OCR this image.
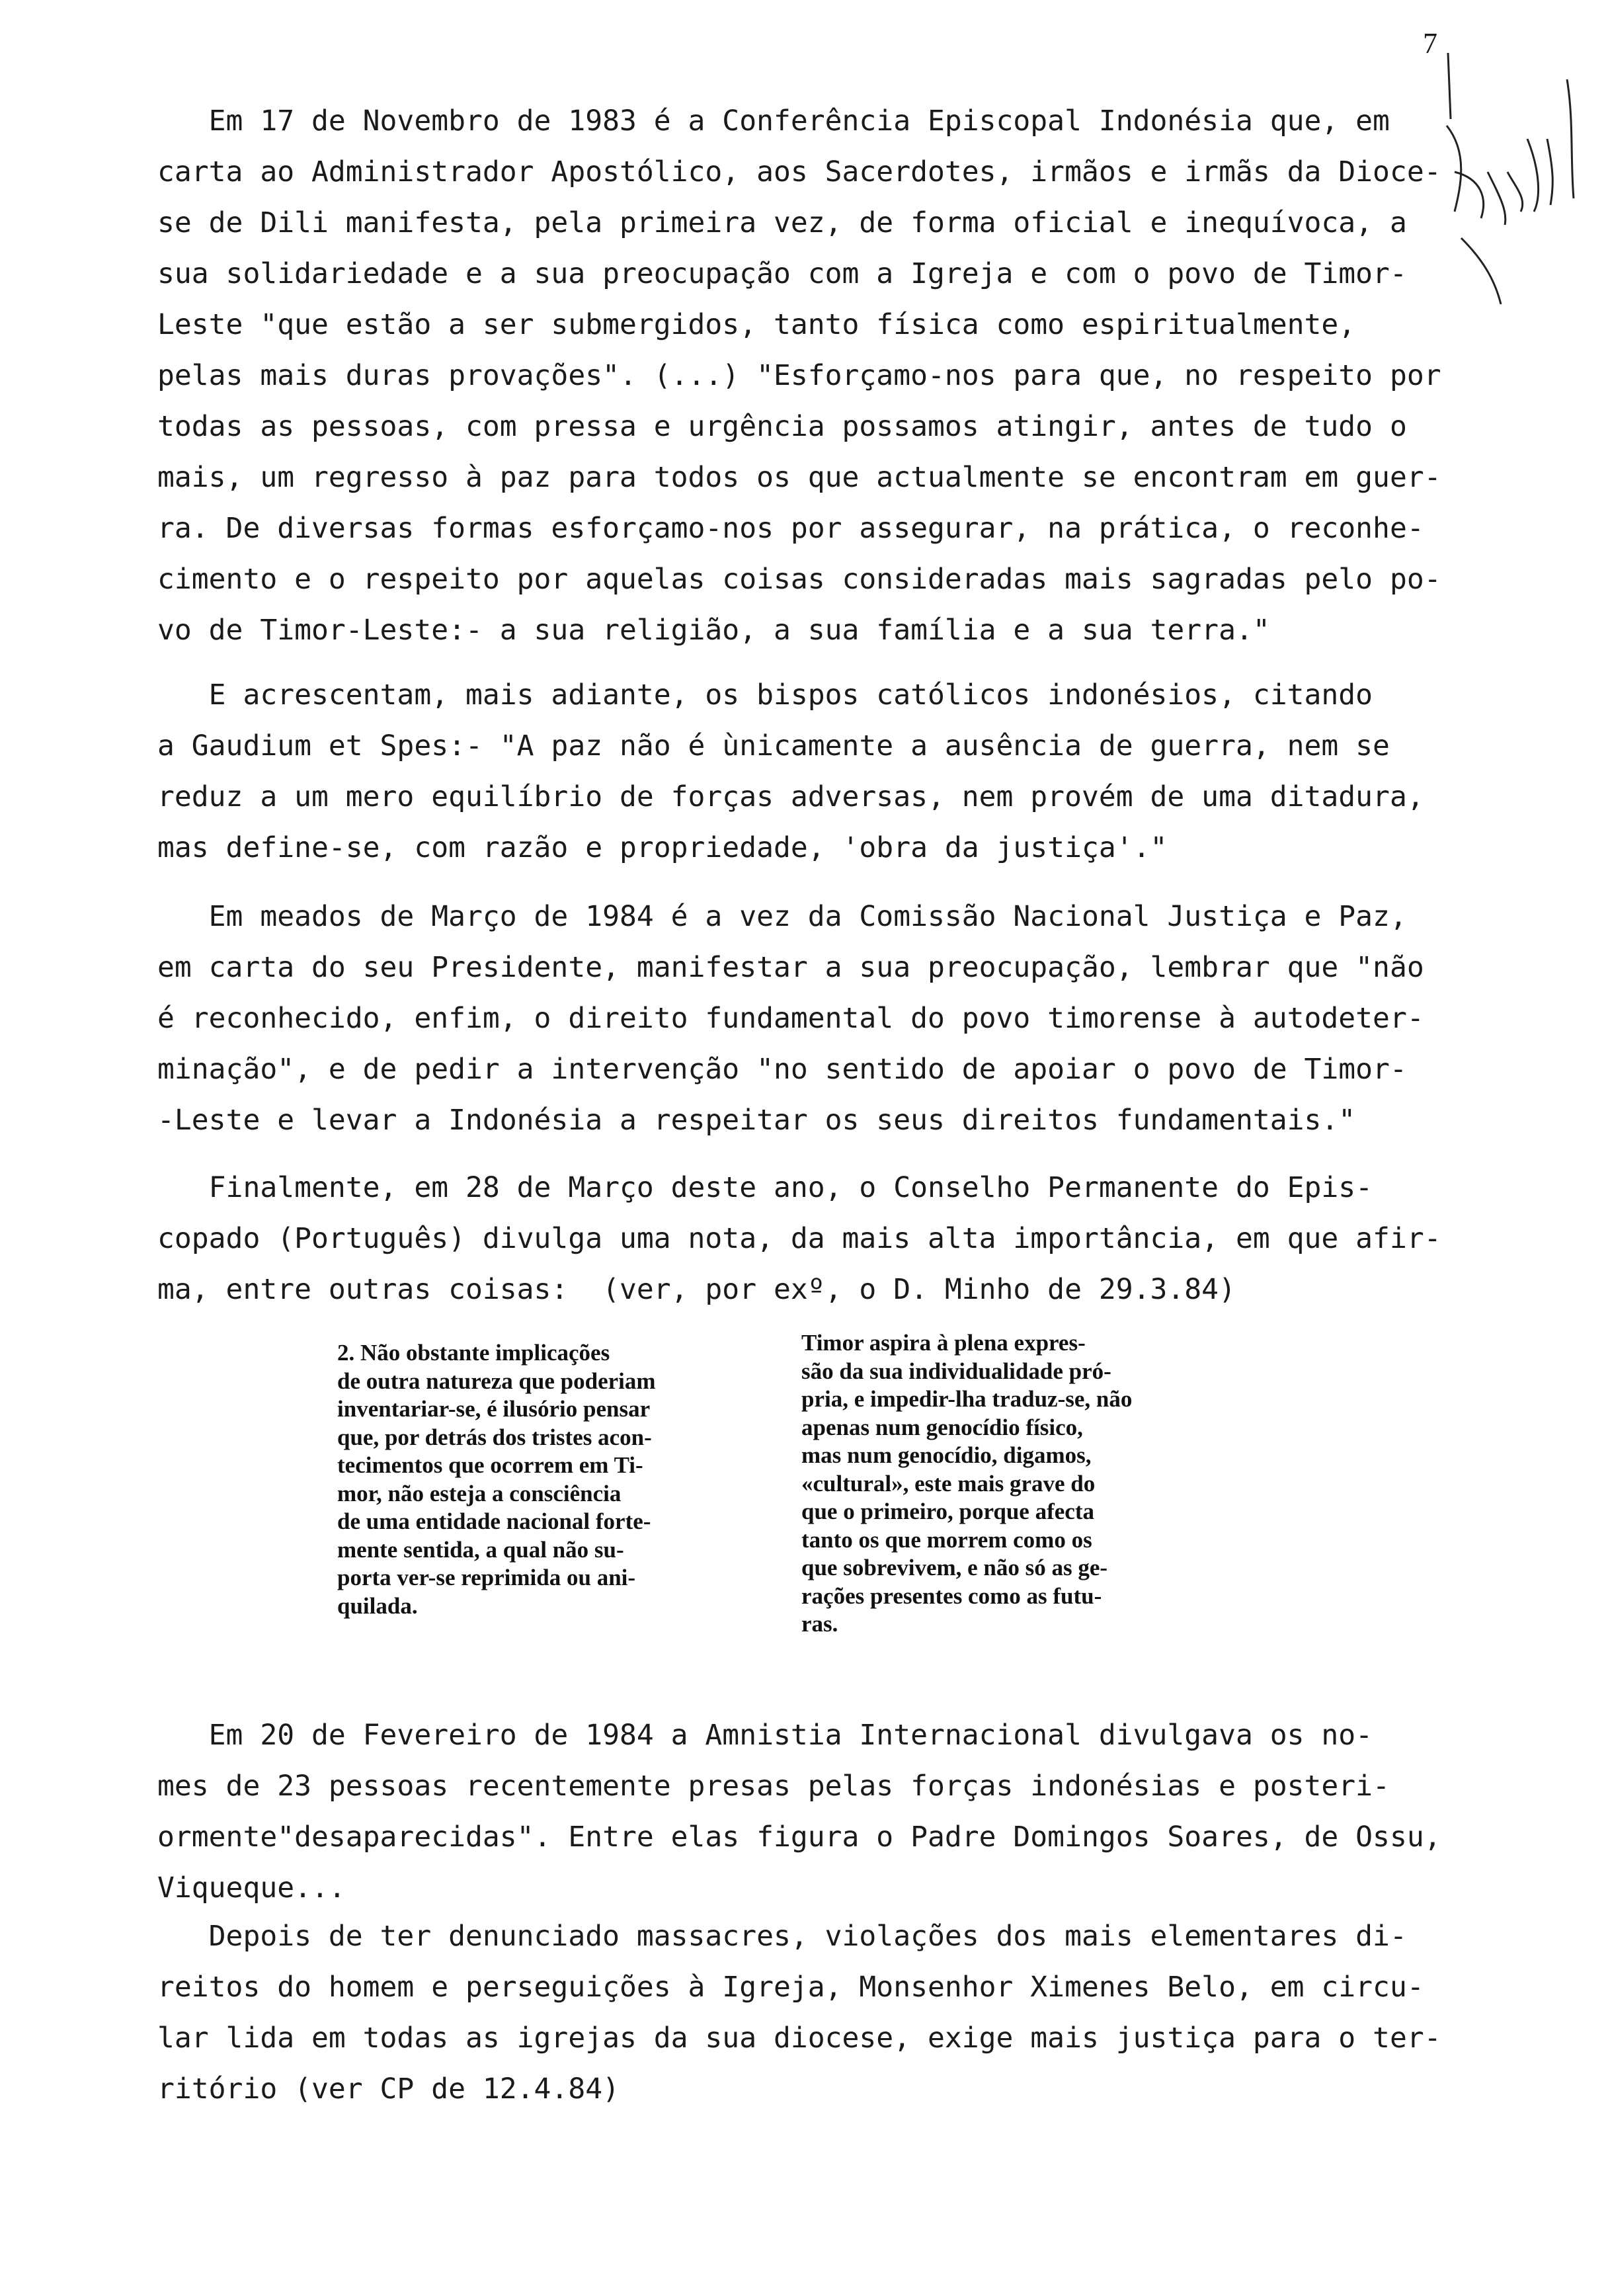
7
Em 17 de Novembro de 1983 é a Conferência Episcopal Indonésia que, em
carta ao Administrador Apostólico, aos Sacerdotes, irmãos e irmãs da Dioce-
se de Dili manifesta, pela primeira vez, de forma oficial e inequívoca, a
sua solidariedade e a sua preocupação com a Igreja e com o povo de Timor-
Leste "que estão a ser submergidos, tanto física como espiritualmente,
pelas mais duras provações". (...) "Esforçamo-nos para que, no respeito por
todas as pessoas, com pressa e urgência possamos atingir, antes de tudo o
mais, um regresso à paz para todos os que actualmente se encontram em guer-
ra. De diversas formas esforçamo-nos por assegurar, na prática, o reconhe-
cimento e o respeito por aquelas coisas consideradas mais sagradas pelo po-
vo de Timor-Leste:- a sua religião, a sua família e a sua terra."
E acrescentam, mais adiante, os bispos católicos indonésios, citando
a Gaudium et Spes:- "A paz não é ùnicamente a ausência de guerra, nem se
reduz a um mero equilíbrio de forças adversas, nem provém de uma ditadura,
mas define-se, com razão e propriedade, 'obra da justiça'."
Em meados de Março de 1984 é a vez da Comissão Nacional Justiça e Paz,
em carta do seu Presidente, manifestar a sua preocupação, lembrar que "não
é reconhecido, enfim, o direito fundamental do povo timorense à autodeter-
minação", e de pedir a intervenção "no sentido de apoiar o povo de Timor-
-Leste e levar a Indonésia a respeitar os seus direitos fundamentais."
Finalmente, em 28 de Março deste ano, o Conselho Permanente do Epis-
copado (Português) divulga uma nota, da mais alta importância, em que afir-
ma, entre outras coisas:  (ver, por exº, o D. Minho de 29.3.84)
2. Não obstante implicações
de outra natureza que poderiam
inventariar-se, é ilusório pensar
que, por detrás dos tristes acon-
tecimentos que ocorrem em Ti-
mor, não esteja a consciência
de uma entidade nacional forte-
mente sentida, a qual não su-
porta ver-se reprimida ou ani-
quilada.
Timor aspira à plena expres-
são da sua individualidade pró-
pria, e impedir-lha traduz-se, não
apenas num genocídio físico,
mas num genocídio, digamos,
«cultural», este mais grave do
que o primeiro, porque afecta
tanto os que morrem como os
que sobrevivem, e não só as ge-
rações presentes como as futu-
ras.
Em 20 de Fevereiro de 1984 a Amnistia Internacional divulgava os no-
mes de 23 pessoas recentemente presas pelas forças indonésias e posteri-
ormente"desaparecidas". Entre elas figura o Padre Domingos Soares, de Ossu,
Viqueque...
Depois de ter denunciado massacres, violações dos mais elementares di-
reitos do homem e perseguições à Igreja, Monsenhor Ximenes Belo, em circu-
lar lida em todas as igrejas da sua diocese, exige mais justiça para o ter-
ritório (ver CP de 12.4.84)
